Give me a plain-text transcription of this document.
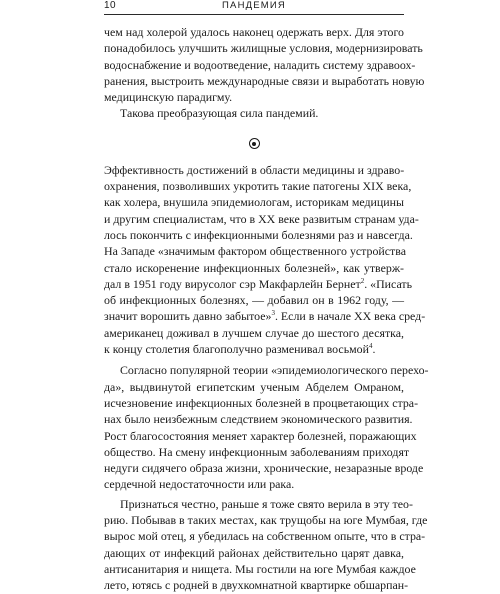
10	ПАНДЕМИЯ
чем над холерой удалось наконец одержать верх. Для этого
понадобилось улучшить жилищные условия, модернизировать
водоснабжение и водоотведение, наладить систему здравоох-
ранения, выстроить международные связи и выработать новую
медицинскую парадигму.
Такова преобразующая сила пандемий.
Эффективность достижений в области медицины и здраво-
охранения, позволивших укротить такие патогены XIX века,
как холера, внушила эпидемиологам, историкам медицины
и другим специалистам, что в XX веке развитым странам уда-
лось покончить с инфекционными болезнями раз и навсегда.
На Западе «значимым фактором общественного устройства
стало искоренение инфекционных болезней», как утверж-
дал в 1951 году вирусолог сэр Макфарлейн Бернет$^2$. «Писать
об инфекционных болезнях, — добавил он в 1962 году, —
значит ворошить давно забытое»$^3$. Если в начале XX века сред-
американец доживал в лучшем случае до шестого десятка,
к концу столетия благополучно разменивал восьмой$^4$.
Согласно популярной теории «эпидемиологического перехо-
да», выдвинутой египетским ученым Абделем Омраном,
исчезновение инфекционных болезней в процветающих стра-
нах было неизбежным следствием экономического развития.
Рост благосостояния меняет характер болезней, поражающих
общество. На смену инфекционным заболеваниям приходят
недуги сидячего образа жизни, хронические, незаразные вроде
сердечной недостаточности или рака.
Признаться честно, раньше я тоже свято верила в эту тео-
рию. Побывав в таких местах, как трущобы на юге Мумбая, где
вырос мой отец, я убедилась на собственном опыте, что в стра-
дающих от инфекций районах действительно царят давка,
антисанитария и нищета. Мы гостили на юге Мумбая каждое
лето, ютясь с родней в двухкомнатной квартирке обшарпан-
